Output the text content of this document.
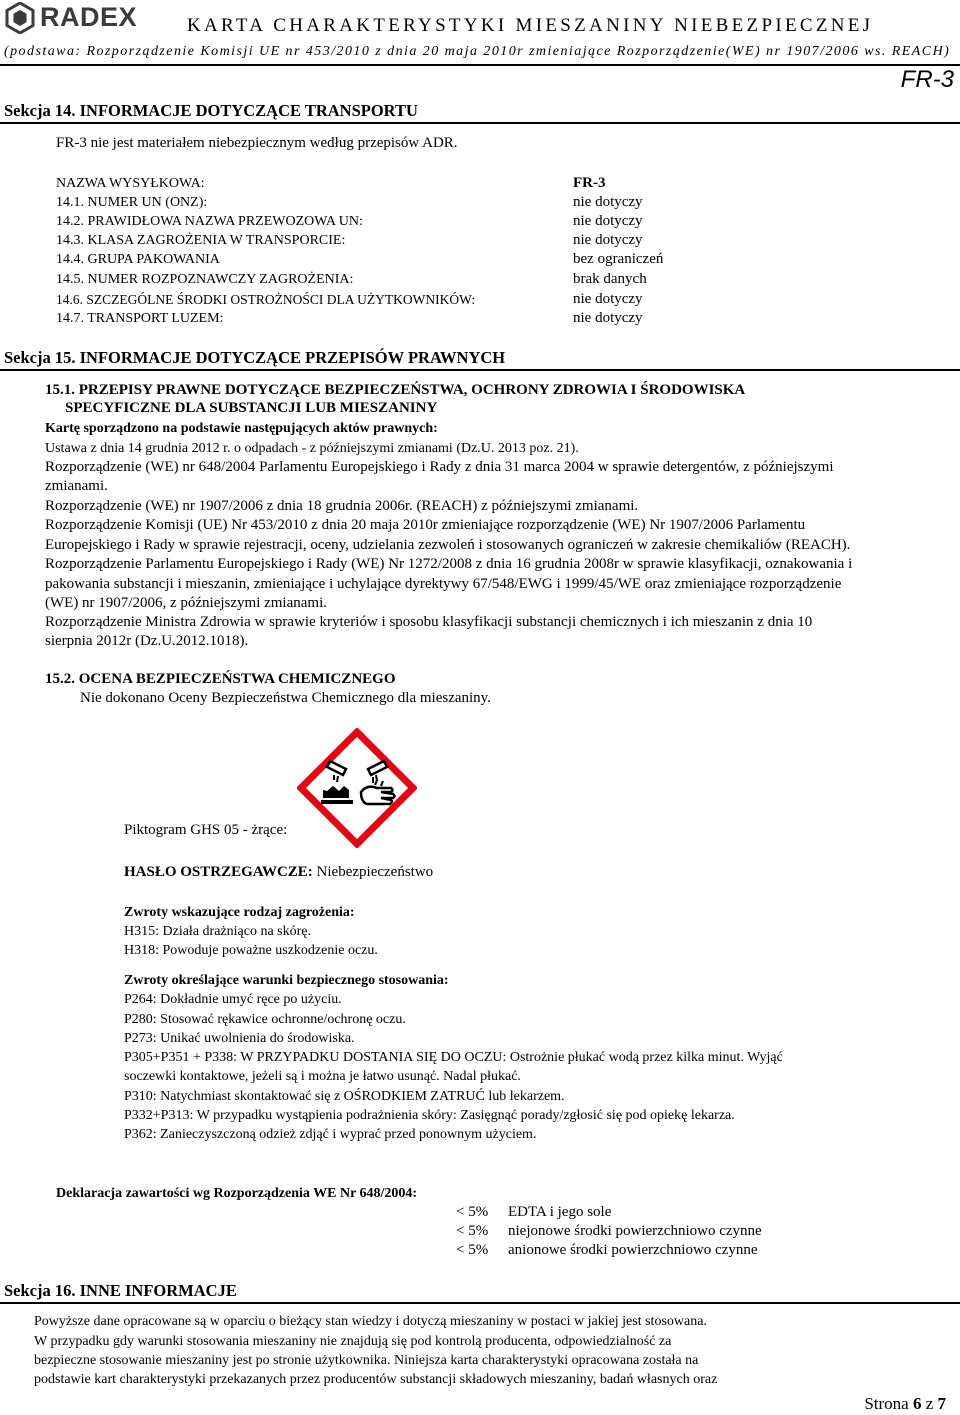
RADEX	KARTA CHARAKTERYSTYKI MIESZANINY NIEBEZPIECZNEJ
(podstawa: Rozporządzenie Komisji UE nr 453/2010 z dnia 20 maja 2010r zmieniające Rozporządzenie(WE) nr 1907/2006 ws. REACH)
FR-3
Sekcja 14. INFORMACJE DOTYCZĄCE TRANSPORTU
FR-3 nie jest materiałem niebezpiecznym według przepisów ADR.
NAZWA WYSYŁKOWA:	FR-3
14.1. NUMER UN (ONZ):	nie dotyczy
14.2. PRAWIDŁOWA NAZWA PRZEWOZOWA UN:	nie dotyczy
14.3. KLASA ZAGROŻENIA W TRANSPORCIE:	nie dotyczy
14.4. GRUPA PAKOWANIA	bez ograniczeń
14.5. NUMER ROZPOZNAWCZY ZAGROŻENIA:	brak danych
14.6. SZCZEGÓLNE ŚRODKI OSTROŻNOŚCI DLA UŻYTKOWNIKÓW:	nie dotyczy
14.7. TRANSPORT LUZEM:	nie dotyczy
Sekcja 15. INFORMACJE DOTYCZĄCE PRZEPISÓW PRAWNYCH
15.1. PRZEPISY PRAWNE DOTYCZĄCE BEZPIECZEŃSTWA, OCHRONY ZDROWIA I ŚRODOWISKA
SPECYFICZNE DLA SUBSTANCJI LUB MIESZANINY
Kartę sporządzono na podstawie następujących aktów prawnych:
Ustawa z dnia 14 grudnia 2012 r. o odpadach - z późniejszymi zmianami (Dz.U. 2013 poz. 21).
Rozporządzenie (WE) nr 648/2004 Parlamentu Europejskiego i Rady z dnia 31 marca 2004 w sprawie detergentów, z późniejszymi
zmianami.
Rozporządzenie (WE) nr 1907/2006 z dnia 18 grudnia 2006r. (REACH) z późniejszymi zmianami.
Rozporządzenie Komisji (UE) Nr 453/2010 z dnia 20 maja 2010r zmieniające rozporządzenie (WE) Nr 1907/2006 Parlamentu
Europejskiego i Rady w sprawie rejestracji, oceny, udzielania zezwoleń i stosowanych ograniczeń w zakresie chemikaliów (REACH).
Rozporządzenie Parlamentu Europejskiego i Rady (WE) Nr 1272/2008 z dnia 16 grudnia 2008r w sprawie klasyfikacji, oznakowania i
pakowania substancji i mieszanin, zmieniające i uchylające dyrektywy 67/548/EWG i 1999/45/WE oraz zmieniające rozporządzenie
(WE) nr 1907/2006, z późniejszymi zmianami.
Rozporządzenie Ministra Zdrowia w sprawie kryteriów i sposobu klasyfikacji substancji chemicznych i ich mieszanin z dnia 10
sierpnia 2012r (Dz.U.2012.1018).
15.2. OCENA BEZPIECZEŃSTWA CHEMICZNEGO
Nie dokonano Oceny Bezpieczeństwa Chemicznego dla mieszaniny.
Piktogram GHS 05 - żrące:
HASŁO OSTRZEGAWCZE: Niebezpieczeństwo
Zwroty wskazujące rodzaj zagrożenia:
H315: Działa drażniąco na skórę.
H318: Powoduje poważne uszkodzenie oczu.
Zwroty określające warunki bezpiecznego stosowania:
P264: Dokładnie umyć ręce po użyciu.
P280: Stosować rękawice ochronne/ochronę oczu.
P273: Unikać uwolnienia do środowiska.
P305+P351 + P338: W PRZYPADKU DOSTANIA SIĘ DO OCZU: Ostrożnie płukać wodą przez kilka minut. Wyjąć
soczewki kontaktowe, jeżeli są i można je łatwo usunąć. Nadal płukać.
P310: Natychmiast skontaktować się z OŚRODKIEM ZATRUĆ lub lekarzem.
P332+P313: W przypadku wystąpienia podrażnienia skóry: Zasięgnąć porady/zgłosić się pod opiekę lekarza.
P362: Zanieczyszczoną odzież zdjąć i wyprać przed ponownym użyciem.
Deklaracja zawartości wg Rozporządzenia WE Nr 648/2004:
< 5% EDTA i jego sole
< 5% niejonowe środki powierzchniowo czynne
< 5% anionowe środki powierzchniowo czynne
Sekcja 16. INNE INFORMACJE
Powyższe dane opracowane są w oparciu o bieżący stan wiedzy i dotyczą mieszaniny w postaci w jakiej jest stosowana.
W przypadku gdy warunki stosowania mieszaniny nie znajdują się pod kontrolą producenta, odpowiedzialność za
bezpieczne stosowanie mieszaniny jest po stronie użytkownika. Niniejsza karta charakterystyki opracowana została na
podstawie kart charakterystyki przekazanych przez producentów substancji składowych mieszaniny, badań własnych oraz
Strona 6 z 7
